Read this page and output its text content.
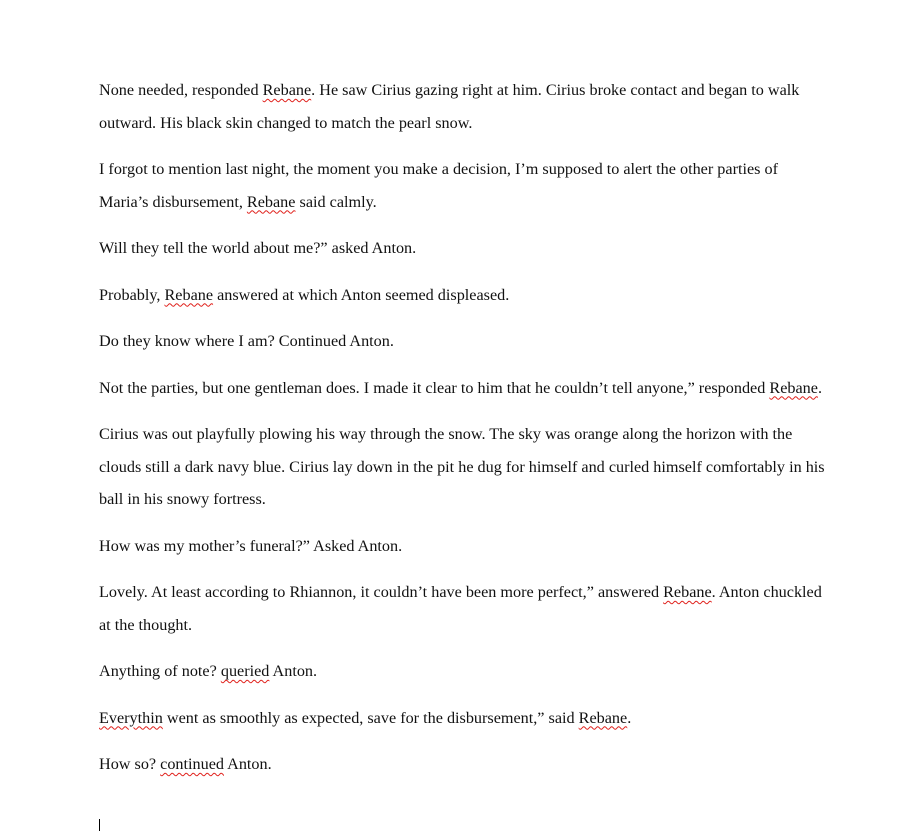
None needed, responded Rebane. He saw Cirius gazing right at him. Cirius broke contact and began to walk outward. His black skin changed to match the pearl snow.

I forgot to mention last night, the moment you make a decision, I’m supposed to alert the other parties of Maria’s disbursement, Rebane said calmly.

Will they tell the world about me?” asked Anton.

Probably, Rebane answered at which Anton seemed displeased.

Do they know where I am? Continued Anton.

Not the parties, but one gentleman does. I made it clear to him that he couldn’t tell anyone,” responded Rebane.

Cirius was out playfully plowing his way through the snow. The sky was orange along the horizon with the clouds still a dark navy blue. Cirius lay down in the pit he dug for himself and curled himself comfortably in his ball in his snowy fortress.

How was my mother’s funeral?” Asked Anton.

Lovely. At least according to Rhiannon, it couldn’t have been more perfect,” answered Rebane. Anton chuckled at the thought.

Anything of note? queried Anton.

Everythin went as smoothly as expected, save for the disbursement,” said Rebane.

How so? continued Anton.
